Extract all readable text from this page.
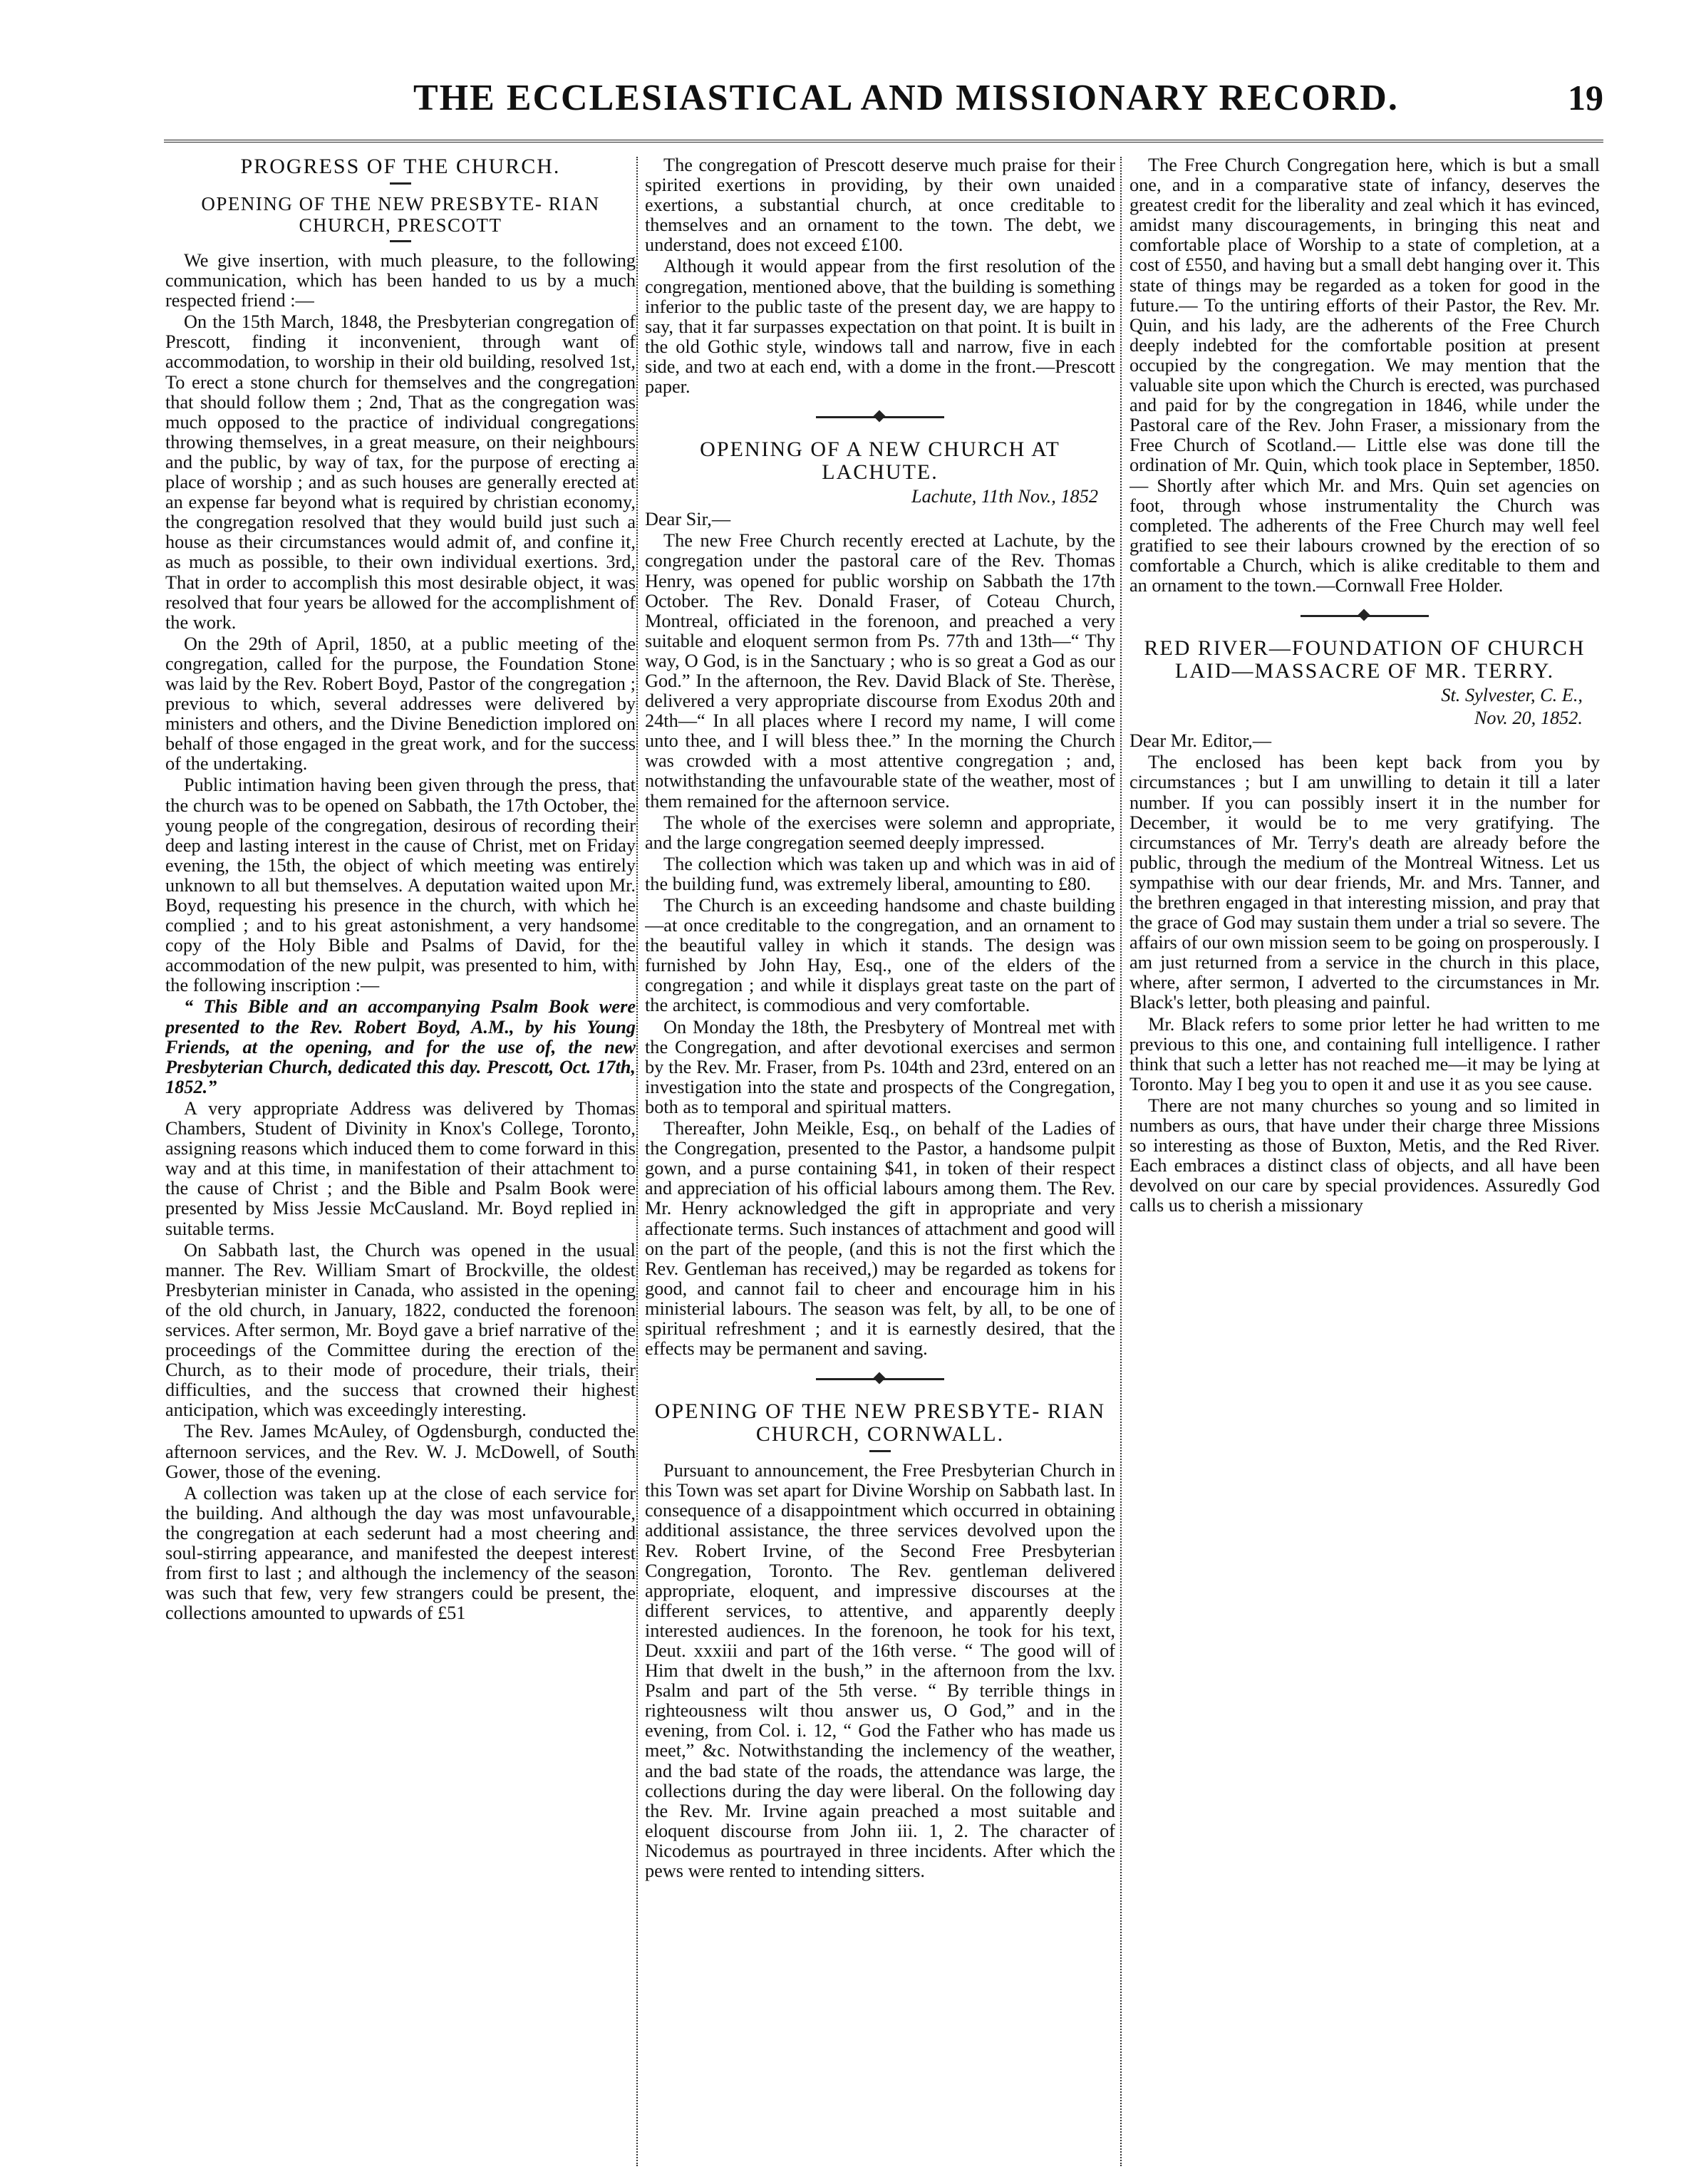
THE ECCLESIASTICAL AND MISSIONARY RECORD.	19
PROGRESS OF THE CHURCH.
OPENING OF THE NEW PRESBYTE- RIAN CHURCH, PRESCOTT

We give insertion, with much pleasure, to the following communication, which has been handed to us by a much respected friend :—

On the 15th March, 1848, the Presbyterian congregation of Prescott, finding it inconvenient, through want of accommodation, to worship in their old building, resolved 1st, To erect a stone church for themselves and the congregation that should follow them ; 2nd, That as the congregation was much opposed to the practice of individual congregations throwing themselves, in a great measure, on their neighbours and the public, by way of tax, for the purpose of erecting a place of worship ; and as such houses are generally erected at an expense far beyond what is required by christian economy, the congregation resolved that they would build just such a house as their circumstances would admit of, and confine it, as much as possible, to their own individual exertions. 3rd, That in order to accomplish this most desirable object, it was resolved that four years be allowed for the accomplishment of the work.

On the 29th of April, 1850, at a public meeting of the congregation, called for the purpose, the Foundation Stone was laid by the Rev. Robert Boyd, Pastor of the congregation ; previous to which, several addresses were delivered by ministers and others, and the Divine Benediction implored on behalf of those engaged in the great work, and for the success of the undertaking.

Public intimation having been given through the press, that the church was to be opened on Sabbath, the 17th October, the young people of the congregation, desirous of recording their deep and lasting interest in the cause of Christ, met on Friday evening, the 15th, the object of which meeting was entirely unknown to all but themselves. A deputation waited upon Mr. Boyd, requesting his presence in the church, with which he complied ; and to his great astonishment, a very handsome copy of the Holy Bible and Psalms of David, for the accommodation of the new pulpit, was presented to him, with the following inscription :—

“ This Bible and an accompanying Psalm Book were presented to the Rev. Robert Boyd, A.M., by his Young Friends, at the opening, and for the use of, the new Presbyterian Church, dedicated this day. Prescott, Oct. 17th, 1852.”

A very appropriate Address was delivered by Thomas Chambers, Student of Divinity in Knox's College, Toronto, assigning reasons which induced them to come forward in this way and at this time, in manifestation of their attachment to the cause of Christ ; and the Bible and Psalm Book were presented by Miss Jessie McCausland. Mr. Boyd replied in suitable terms.

On Sabbath last, the Church was opened in the usual manner. The Rev. William Smart of Brockville, the oldest Presbyterian minister in Canada, who assisted in the opening of the old church, in January, 1822, conducted the forenoon services. After sermon, Mr. Boyd gave a brief narrative of the proceedings of the Committee during the erection of the Church, as to their mode of procedure, their trials, their difficulties, and the success that crowned their highest anticipation, which was exceedingly interesting.

The Rev. James McAuley, of Ogdensburgh, conducted the afternoon services, and the Rev. W. J. McDowell, of South Gower, those of the evening.

A collection was taken up at the close of each service for the building. And although the day was most unfavourable, the congregation at each sederunt had a most cheering and soul-stirring appearance, and manifested the deepest interest from first to last ; and although the inclemency of the season was such that few, very few strangers could be present, the collections amounted to upwards of £51

The congregation of Prescott deserve much praise for their spirited exertions in providing, by their own unaided exertions, a substantial church, at once creditable to themselves and an ornament to the town. The debt, we understand, does not exceed £100.

Although it would appear from the first resolution of the congregation, mentioned above, that the building is something inferior to the public taste of the present day, we are happy to say, that it far surpasses expectation on that point. It is built in the old Gothic style, windows tall and narrow, five in each side, and two at each end, with a dome in the front.—Prescott paper.

OPENING OF A NEW CHURCH AT LACHUTE.
Lachute, 11th Nov., 1852

Dear Sir,—

The new Free Church recently erected at Lachute, by the congregation under the pastoral care of the Rev. Thomas Henry, was opened for public worship on Sabbath the 17th October. The Rev. Donald Fraser, of Coteau Church, Montreal, officiated in the forenoon, and preached a very suitable and eloquent sermon from Ps. 77th and 13th—“ Thy way, O God, is in the Sanctuary ; who is so great a God as our God.” In the afternoon, the Rev. David Black of Ste. Therèse, delivered a very appropriate discourse from Exodus 20th and 24th—“ In all places where I record my name, I will come unto thee, and I will bless thee.” In the morning the Church was crowded with a most attentive congregation ; and, notwithstanding the unfavourable state of the weather, most of them remained for the afternoon service.

The whole of the exercises were solemn and appropriate, and the large congregation seemed deeply impressed.

The collection which was taken up and which was in aid of the building fund, was extremely liberal, amounting to £80.

The Church is an exceeding handsome and chaste building—at once creditable to the congregation, and an ornament to the beautiful valley in which it stands. The design was furnished by John Hay, Esq., one of the elders of the congregation ; and while it displays great taste on the part of the architect, is commodious and very comfortable.

On Monday the 18th, the Presbytery of Montreal met with the Congregation, and after devotional exercises and sermon by the Rev. Mr. Fraser, from Ps. 104th and 23rd, entered on an investigation into the state and prospects of the Congregation, both as to temporal and spiritual matters.

Thereafter, John Meikle, Esq., on behalf of the Ladies of the Congregation, presented to the Pastor, a handsome pulpit gown, and a purse containing $41, in token of their respect and appreciation of his official labours among them. The Rev. Mr. Henry acknowledged the gift in appropriate and very affectionate terms. Such instances of attachment and good will on the part of the people, (and this is not the first which the Rev. Gentleman has received,) may be regarded as tokens for good, and cannot fail to cheer and encourage him in his ministerial labours. The season was felt, by all, to be one of spiritual refreshment ; and it is earnestly desired, that the effects may be permanent and saving.

OPENING OF THE NEW PRESBYTE- RIAN CHURCH, CORNWALL.

Pursuant to announcement, the Free Presbyterian Church in this Town was set apart for Divine Worship on Sabbath last. In consequence of a disappointment which occurred in obtaining additional assistance, the three services devolved upon the Rev. Robert Irvine, of the Second Free Presbyterian Congregation, Toronto. The Rev. gentleman delivered appropriate, eloquent, and impressive discourses at the different services, to attentive, and apparently deeply interested audiences. In the forenoon, he took for his text, Deut. xxxiii and part of the 16th verse. “ The good will of Him that dwelt in the bush,” in the afternoon from the lxv. Psalm and part of the 5th verse. “ By terrible things in righteousness wilt thou answer us, O God,” and in the evening, from Col. i. 12, “ God the Father who has made us meet,” &c. Notwithstanding the inclemency of the weather, and the bad state of the roads, the attendance was large, the collections during the day were liberal. On the following day the Rev. Mr. Irvine again preached a most suitable and eloquent discourse from John iii. 1, 2. The character of Nicodemus as pourtrayed in three incidents. After which the pews were rented to intending sitters.

The Free Church Congregation here, which is but a small one, and in a comparative state of infancy, deserves the greatest credit for the liberality and zeal which it has evinced, amidst many discouragements, in bringing this neat and comfortable place of Worship to a state of completion, at a cost of £550, and having but a small debt hanging over it. This state of things may be regarded as a token for good in the future.— To the untiring efforts of their Pastor, the Rev. Mr. Quin, and his lady, are the adherents of the Free Church deeply indebted for the comfortable position at present occupied by the congregation. We may mention that the valuable site upon which the Church is erected, was purchased and paid for by the congregation in 1846, while under the Pastoral care of the Rev. John Fraser, a missionary from the Free Church of Scotland.— Little else was done till the ordination of Mr. Quin, which took place in September, 1850.— Shortly after which Mr. and Mrs. Quin set agencies on foot, through whose instrumentality the Church was completed. The adherents of the Free Church may well feel gratified to see their labours crowned by the erection of so comfortable a Church, which is alike creditable to them and an ornament to the town.—Cornwall Free Holder.

RED RIVER—FOUNDATION OF CHURCH LAID—MASSACRE OF MR. TERRY.
St. Sylvester, C. E.,
Nov. 20, 1852.

Dear Mr. Editor,—

The enclosed has been kept back from you by circumstances ; but I am unwilling to detain it till a later number. If you can possibly insert it in the number for December, it would be to me very gratifying. The circumstances of Mr. Terry's death are already before the public, through the medium of the Montreal Witness. Let us sympathise with our dear friends, Mr. and Mrs. Tanner, and the brethren engaged in that interesting mission, and pray that the grace of God may sustain them under a trial so severe. The affairs of our own mission seem to be going on prosperously. I am just returned from a service in the church in this place, where, after sermon, I adverted to the circumstances in Mr. Black's letter, both pleasing and painful.

Mr. Black refers to some prior letter he had written to me previous to this one, and containing full intelligence. I rather think that such a letter has not reached me—it may be lying at Toronto. May I beg you to open it and use it as you see cause.

There are not many churches so young and so limited in numbers as ours, that have under their charge three Missions so interesting as those of Buxton, Metis, and the Red River. Each embraces a distinct class of objects, and all have been devolved on our care by special providences. Assuredly God calls us to cherish a missionary
